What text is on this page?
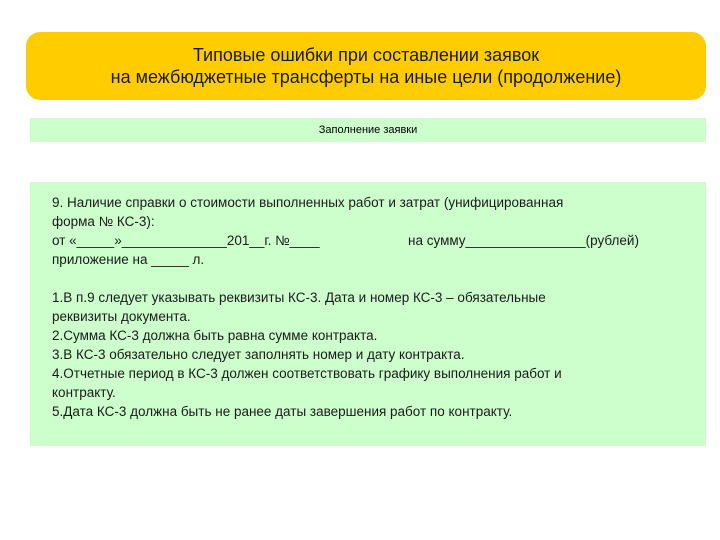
Типовые ошибки при составлении заявок
на межбюджетные трансферты на иные цели (продолжение)
Заполнение заявки
9. Наличие справки о стоимости выполненных работ и затрат (унифицированная
форма № КС-3):
от «_____»______________201__г. №____	на сумму________________(рублей)
приложение на _____ л.
1.В п.9 следует указывать реквизиты КС-3. Дата и номер КС-3 – обязательные
реквизиты документа.
2.Сумма КС-3 должна быть равна сумме контракта.
3.В КС-3 обязательно следует заполнять номер и дату контракта.
4.Отчетные период в КС-3 должен соответствовать графику выполнения работ и
контракту.
5.Дата КС-3 должна быть не ранее даты завершения работ по контракту.
